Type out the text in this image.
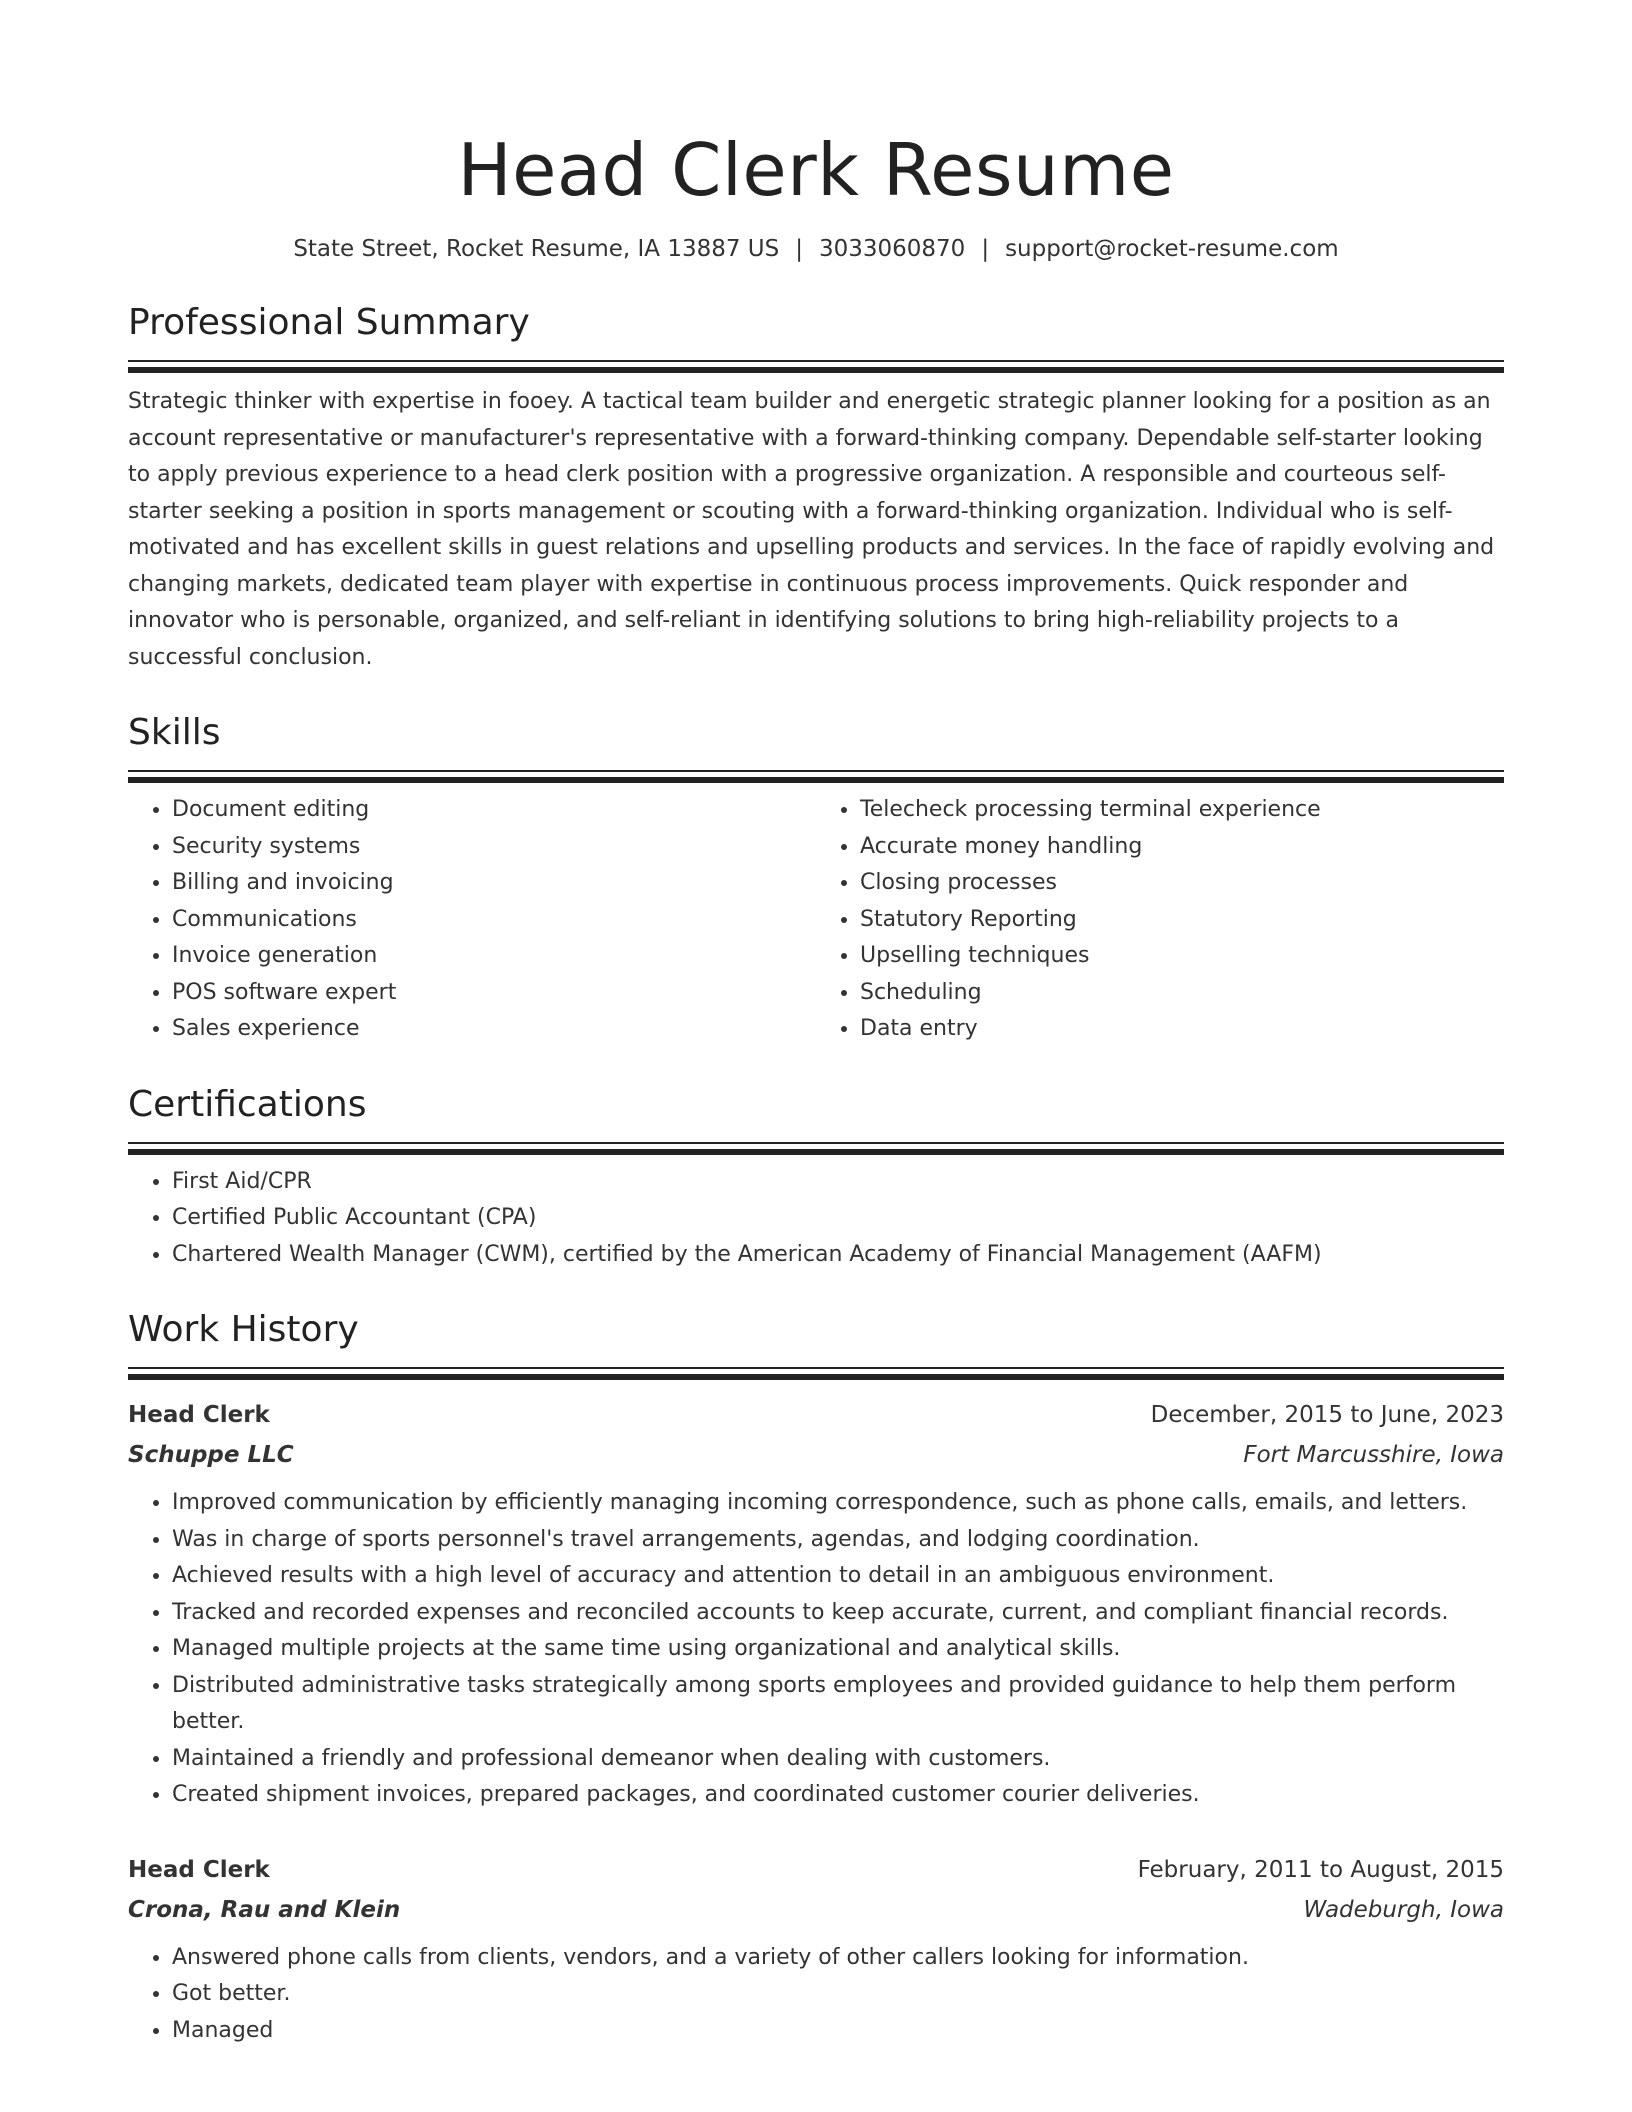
Head Clerk Resume
State Street, Rocket Resume, IA 13887 US | 3033060870 | support@rocket-resume.com
Professional Summary

Strategic thinker with expertise in fooey. A tactical team builder and energetic strategic planner looking for a position as an account representative or manufacturer's representative with a forward-thinking company. Dependable self-starter looking to apply previous experience to a head clerk position with a progressive organization. A responsible and courteous self-starter seeking a position in sports management or scouting with a forward-thinking organization. Individual who is self-motivated and has excellent skills in guest relations and upselling products and services. In the face of rapidly evolving and changing markets, dedicated team player with expertise in continuous process improvements. Quick responder and innovator who is personable, organized, and self-reliant in identifying solutions to bring high-reliability projects to a successful conclusion.

Skills
• Document editing
• Security systems
• Billing and invoicing
• Communications
• Invoice generation
• POS software expert
• Sales experience
• Telecheck processing terminal experience
• Accurate money handling
• Closing processes
• Statutory Reporting
• Upselling techniques
• Scheduling
• Data entry
Certifications
• First Aid/CPR
• Certified Public Accountant (CPA)
• Chartered Wealth Manager (CWM), certified by the American Academy of Financial Management (AAFM)
Work History
Head Clerk	December, 2015 to June, 2023
Schuppe LLC	Fort Marcusshire, Iowa
• Improved communication by efficiently managing incoming correspondence, such as phone calls, emails, and letters.
• Was in charge of sports personnel's travel arrangements, agendas, and lodging coordination.
• Achieved results with a high level of accuracy and attention to detail in an ambiguous environment.
• Tracked and recorded expenses and reconciled accounts to keep accurate, current, and compliant financial records.
• Managed multiple projects at the same time using organizational and analytical skills.
• Distributed administrative tasks strategically among sports employees and provided guidance to help them perform better.
• Maintained a friendly and professional demeanor when dealing with customers.
• Created shipment invoices, prepared packages, and coordinated customer courier deliveries.
Head Clerk	February, 2011 to August, 2015
Crona, Rau and Klein	Wadeburgh, Iowa
• Answered phone calls from clients, vendors, and a variety of other callers looking for information.
• Got better.
• Managed
